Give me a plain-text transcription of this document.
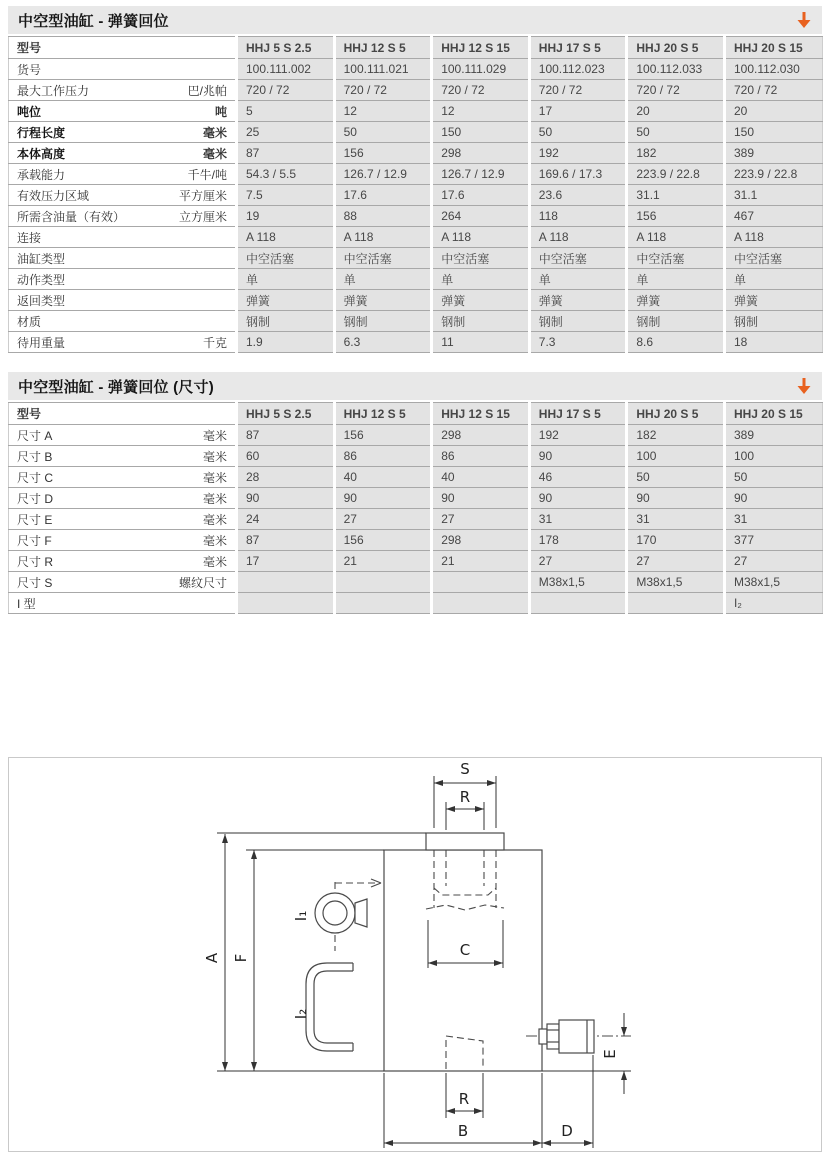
中空型油缸 - 弹簧回位
型号	HHJ 5 S 2.5	HHJ 12 S 5	HHJ 12 S 15	HHJ 17 S 5	HHJ 20 S 5	HHJ 20 S 15
货号	100.111.002	100.111.021	100.111.029	100.112.023	100.112.033	100.112.030
最大工作压力 巴/兆帕	720 / 72	720 / 72	720 / 72	720 / 72	720 / 72	720 / 72
吨位 吨	5	12	12	17	20	20
行程长度 毫米	25	50	150	50	50	150
本体高度 毫米	87	156	298	192	182	389
承载能力 千牛/吨	54.3 / 5.5	126.7 / 12.9	126.7 / 12.9	169.6 / 17.3	223.9 / 22.8	223.9 / 22.8
有效压力区域 平方厘米	7.5	17.6	17.6	23.6	31.1	31.1
所需含油量（有效） 立方厘米	19	88	264	118	156	467
连接	A 118	A 118	A 118	A 118	A 118	A 118
油缸类型	中空活塞	中空活塞	中空活塞	中空活塞	中空活塞	中空活塞
动作类型	单	单	单	单	单	单
返回类型	弹簧	弹簧	弹簧	弹簧	弹簧	弹簧
材质	钢制	钢制	钢制	钢制	钢制	钢制
待用重量 千克	1.9	6.3	11	7.3	8.6	18
中空型油缸 - 弹簧回位 (尺寸)
型号	HHJ 5 S 2.5	HHJ 12 S 5	HHJ 12 S 15	HHJ 17 S 5	HHJ 20 S 5	HHJ 20 S 15
尺寸 A 毫米	87	156	298	192	182	389
尺寸 B 毫米	60	86	86	90	100	100
尺寸 C 毫米	28	40	40	46	50	50
尺寸 D 毫米	90	90	90	90	90	90
尺寸 E 毫米	24	27	27	31	31	31
尺寸 F 毫米	87	156	298	178	170	377
尺寸 R 毫米	17	21	21	27	27	27
尺寸 S 螺纹尺寸				M38x1,5	M38x1,5	M38x1,5
I 型						I₂
S
R
C
A F
I₁
I₂
E
R
B	D
